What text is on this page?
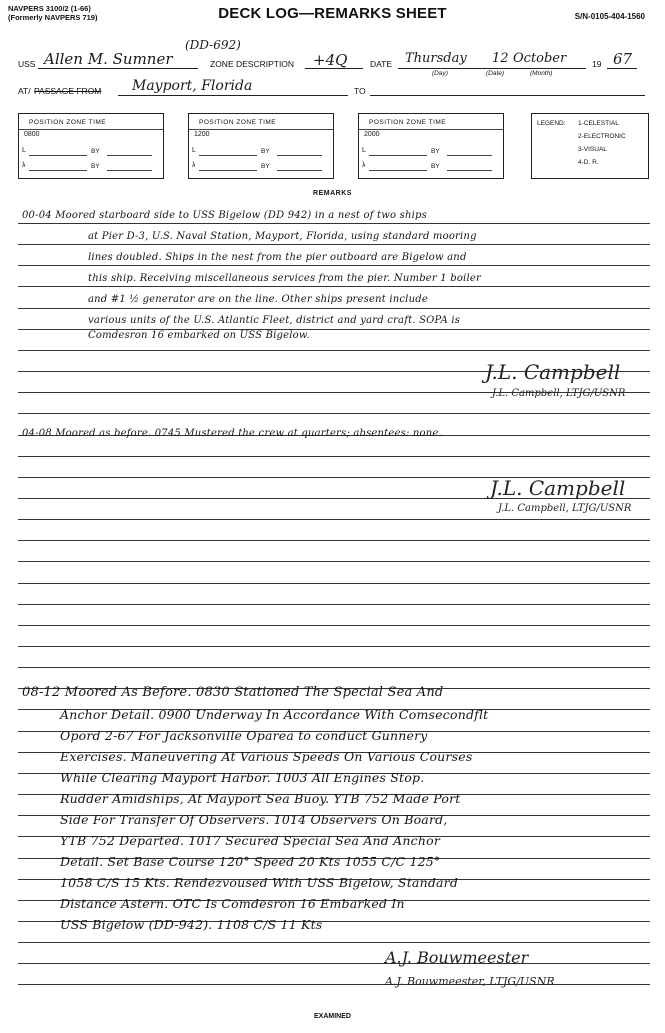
NAVPERS 3100/2 (1-66)
(Formerly NAVPERS 719)	DECK LOG—REMARKS SHEET	S/N-0105-404-1560
USS Allen M. Sumner
(DD-692)
ZONE DESCRIPTION +4Q	DATE Thursday 12 October	19 67
(Day)	(Date)	(Month)
AT/ PASSAGE FROM Mayport, Florida	TO
POSITION ZONE TIME
0800
L	BY
λ	BY
POSITION ZONE TIME
1200
L	BY
λ	BY
POSITION ZONE TIME
2000
L	BY
λ	BY
LEGEND: 1-CELESTIAL
2-ELECTRONIC
3-VISUAL
4-D. R.
REMARKS
00-04 Moored starboard side to USS Bigelow (DD 942) in a nest of two ships
at Pier D-3, U.S. Naval Station, Mayport, Florida, using standard mooring
lines doubled. Ships in the nest from the pier outboard are Bigelow and
this ship. Receiving miscellaneous services from the pier. Number 1 boiler
and #1 ½ generator are on the line. Other ships present include
various units of the U.S. Atlantic Fleet, district and yard craft. SOPA is
Comdesron 16 embarked on USS Bigelow.
J.L. Campbell
J.L. Campbell, LTJG/USNR
04-08 Moored as before. 0745 Mustered the crew at quarters; absentees: none.
J.L. Campbell
J.L. Campbell, LTJG/USNR
08-12 Moored As Before. 0830 Stationed The Special Sea And
Anchor Detail. 0900 Underway In Accordance With Comsecondflt
Opord 2-67 For Jacksonville Oparea to conduct Gunnery
Exercises. Maneuvering At Various Speeds On Various Courses
While Clearing Mayport Harbor. 1003 All Engines Stop.
Rudder Amidships, At Mayport Sea Buoy. YTB 752 Made Port
Side For Transfer Of Observers. 1014 Observers On Board,
YTB 752 Departed. 1017 Secured Special Sea And Anchor
Detail. Set Base Course 120° Speed 20 Kts 1055 C/C 125°
1058 C/S 15 Kts. Rendezvoused With USS Bigelow, Standard
Distance Astern. OTC Is Comdesron 16 Embarked In
USS Bigelow (DD-942). 1108 C/S 11 Kts
A.J. Bouwmeester
A.J. Bouwmeester, LTJG/USNR
EXAMINED
